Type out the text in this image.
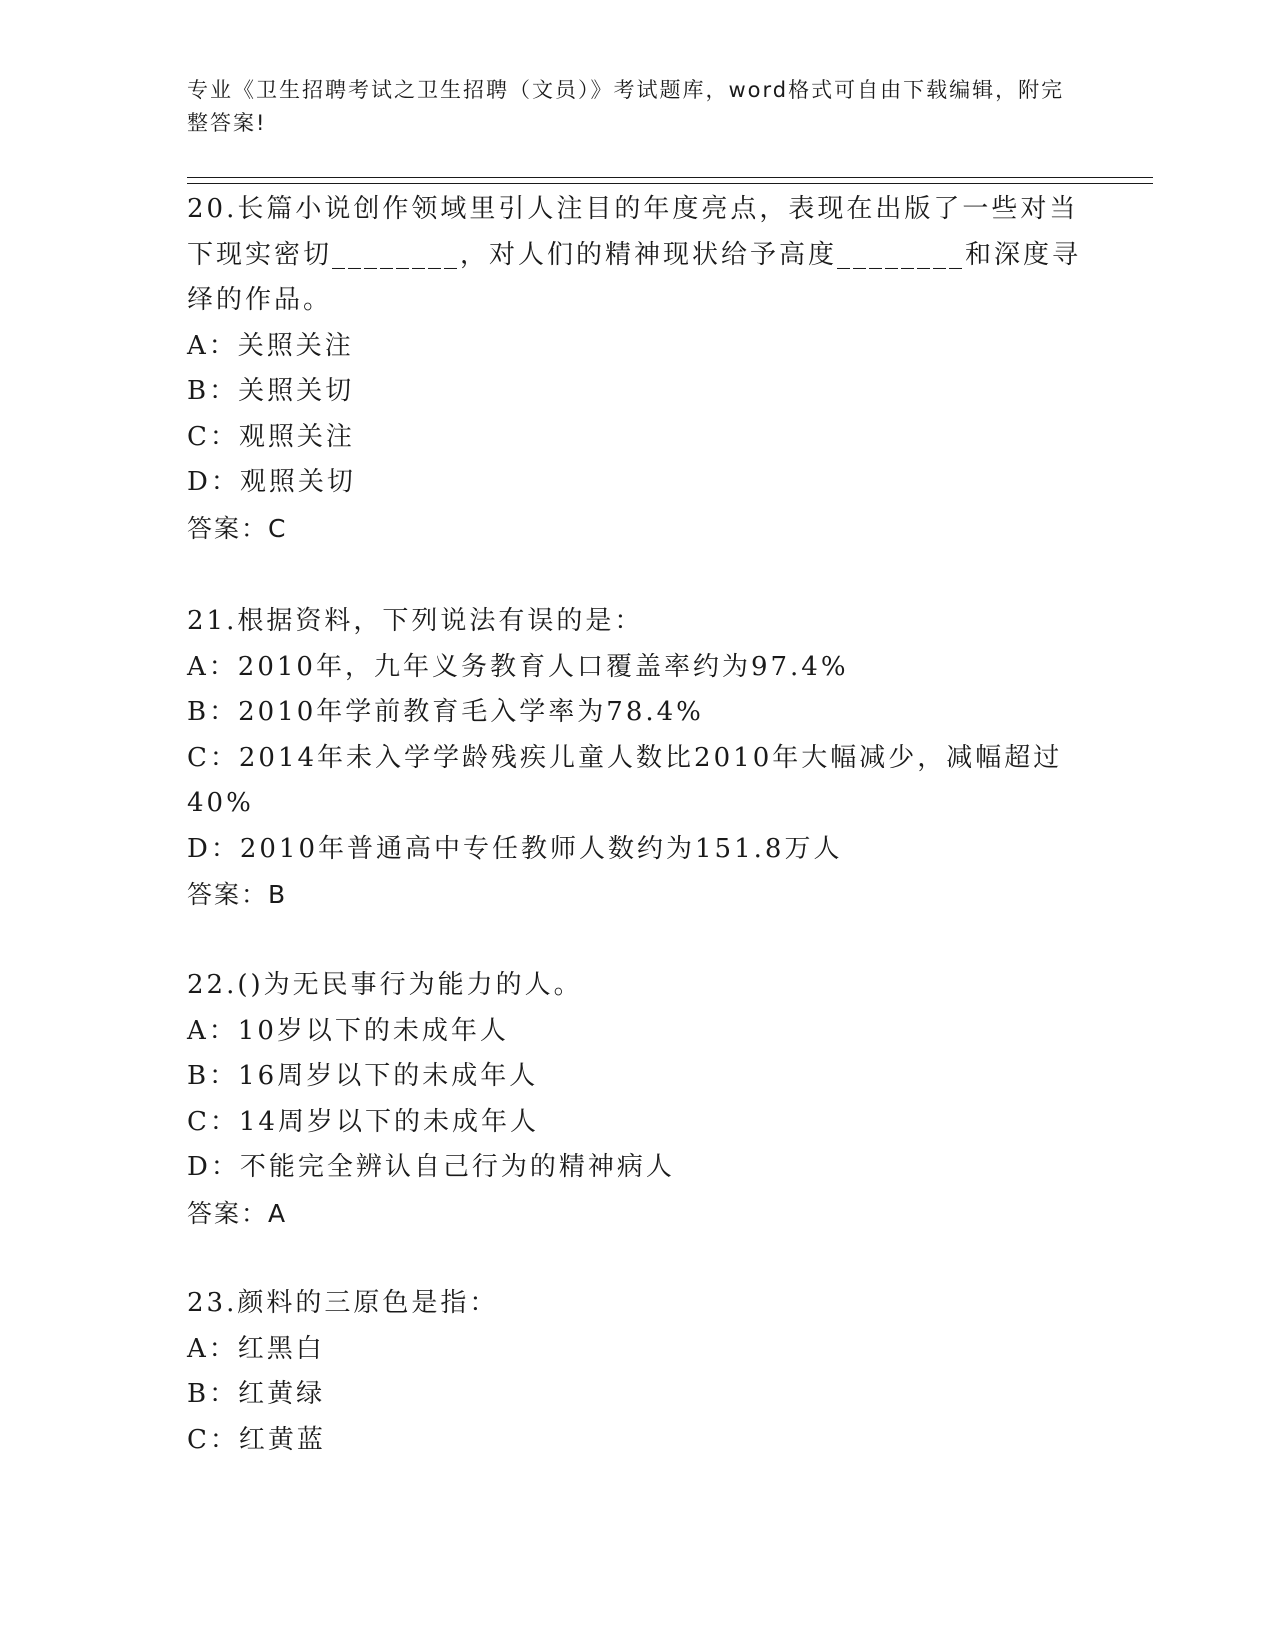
专业《卫生招聘考试之卫生招聘（文员）》考试题库，word格式可自由下载编辑，附完整答案!

20.长篇小说创作领域里引人注目的年度亮点，表现在出版了一些对当下现实密切________，对人们的精神现状给予高度________和深度寻绎的作品。

A：关照关注

B：关照关切

C：观照关注

D：观照关切

答案：C

21.根据资料，下列说法有误的是：

A：2010年，九年义务教育人口覆盖率约为97.4%

B：2010年学前教育毛入学率为78.4%

C：2014年未入学学龄残疾儿童人数比2010年大幅减少，减幅超过40%

D：2010年普通高中专任教师人数约为151.8万人

答案：B

22.()为无民事行为能力的人。

A：10岁以下的未成年人

B：16周岁以下的未成年人

C：14周岁以下的未成年人

D：不能完全辨认自己行为的精神病人

答案：A

23.颜料的三原色是指：

A：红黑白

B：红黄绿

C：红黄蓝
